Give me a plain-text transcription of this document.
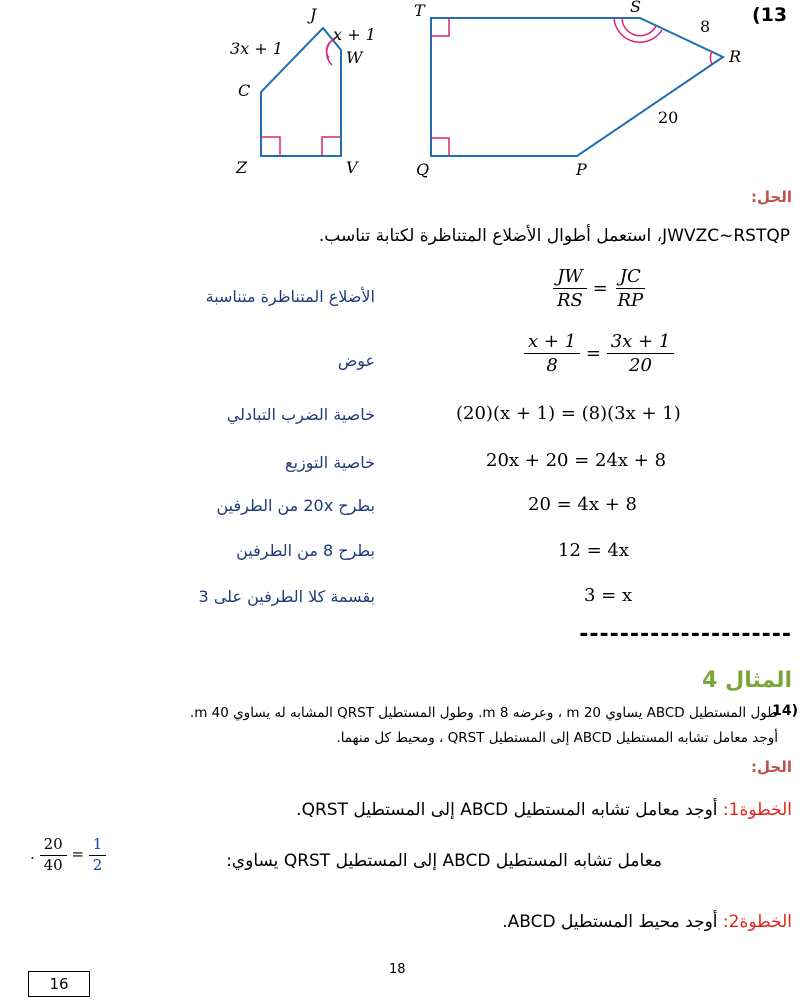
(13
J
W
V
Z
C
3x + 1
x + 1
T	S
R
P
Q
8
20
الحل:
JWVZC~RSTQP، استعمل أطوال الأضلاع المتناظرة لكتابة تناسب.
الأضلاع المتناظرة متناسبة
عوض
خاصية الضرب التبادلي
خاصية التوزيع
بطرح 20x من الطرفين
بطرح 8 من الطرفين
بقسمة كلا الطرفين على 3
$\frac{JW}{RS} = \frac{JC}{RP}$
$\frac{x + 1}{8} = \frac{3x + 1}{20}$
(20)(x + 1) = (8)(3x + 1)
20x + 20 = 24x + 8
20 = 4x + 8
12 = 4x
3 = x
---------------------
المثال 4
طول المستطيل ABCD يساوي 20 m ، وعرضه 8 m. وطول المستطيل QRST المشابه له يساوي 40 m.
14)
أوجد معامل تشابه المستطيل ABCD إلى المستطيل QRST ، ومحيط كل منهما.
الحل:
الخطوة1: أوجد معامل تشابه المستطيل ABCD إلى المستطيل QRST.
معامل تشابه المستطيل ABCD إلى المستطيل QRST يساوي:
. $\frac{20}{40} = \frac{1}{2}$
الخطوة2: أوجد محيط المستطيل ABCD.
18
16
